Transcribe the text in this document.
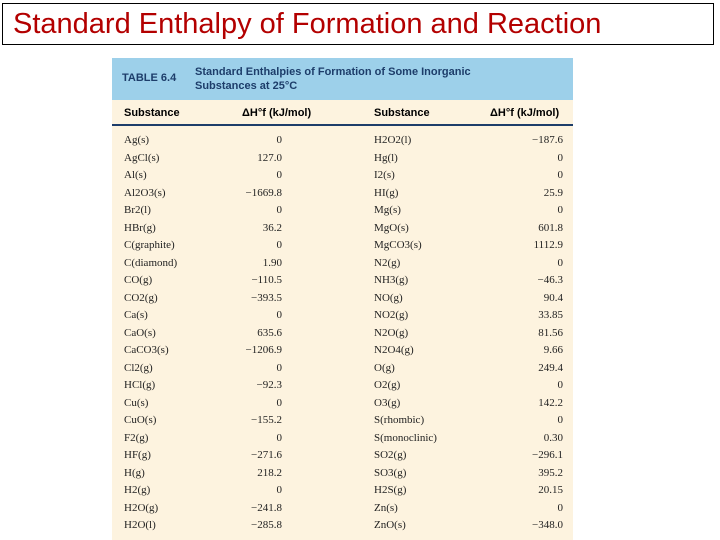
Standard Enthalpy of Formation and Reaction
TABLE 6.4 Standard Enthalpies of Formation of Some Inorganic
Substances at 25°C
Substance	ΔH°f (kJ/mol)	Substance	ΔH°f (kJ/mol)
Ag(s)	0	H2O2(l)	−187.6
AgCl(s)	127.0	Hg(l)	0
Al(s)	0	I2(s)	0
Al2O3(s)	−1669.8	HI(g)	25.9
Br2(l)	0	Mg(s)	0
HBr(g)	36.2	MgO(s)	601.8
C(graphite)	0	MgCO3(s)	1112.9
C(diamond)	1.90	N2(g)	0
CO(g)	−110.5	NH3(g)	−46.3
CO2(g)	−393.5	NO(g)	90.4
Ca(s)	0	NO2(g)	33.85
CaO(s)	635.6	N2O(g)	81.56
CaCO3(s)	−1206.9	N2O4(g)	9.66
Cl2(g)	0	O(g)	249.4
HCl(g)	−92.3	O2(g)	0
Cu(s)	0	O3(g)	142.2
CuO(s)	−155.2	S(rhombic)	0
F2(g)	0	S(monoclinic)	0.30
HF(g)	−271.6	SO2(g)	−296.1
H(g)	218.2	SO3(g)	395.2
H2(g)	0	H2S(g)	20.15
H2O(g)	−241.8	Zn(s)	0
H2O(l)	−285.8	ZnO(s)	−348.0
